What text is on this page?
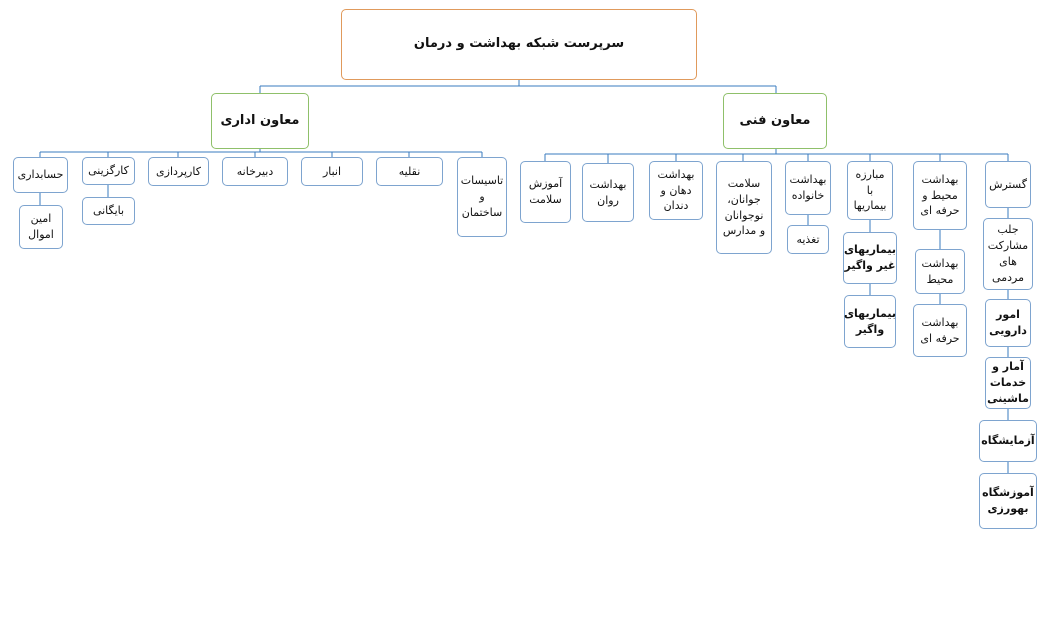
سرپرست شبکه بهداشت و درمان
معاون اداری	معاون فنی
تاسیسات
و
ساختمان
نقلیه
انبار
دبیرخانه
کارپردازی
کارگزینی
حسابداری
بایگانی
امین
اموال
گسترش
بهداشت
محیط و
حرفه ای
مبارزه
با
بیماریها
بهداشت
خانواده
سلامت
جوانان،
نوجوانان
و مدارس
بهداشت
دهان و
دندان
بهداشت
روان
آموزش
سلامت
جلب
مشارکت
های
مردمی
امور
دارویی
آمار و
خدمات
ماشینی
آزمایشگاه
آموزشگاه
بهورزی
بهداشت
محیط
بهداشت
حرفه ای
بیماریهای
غیر واگیر
بیماریهای
واگیر
تغذیه
